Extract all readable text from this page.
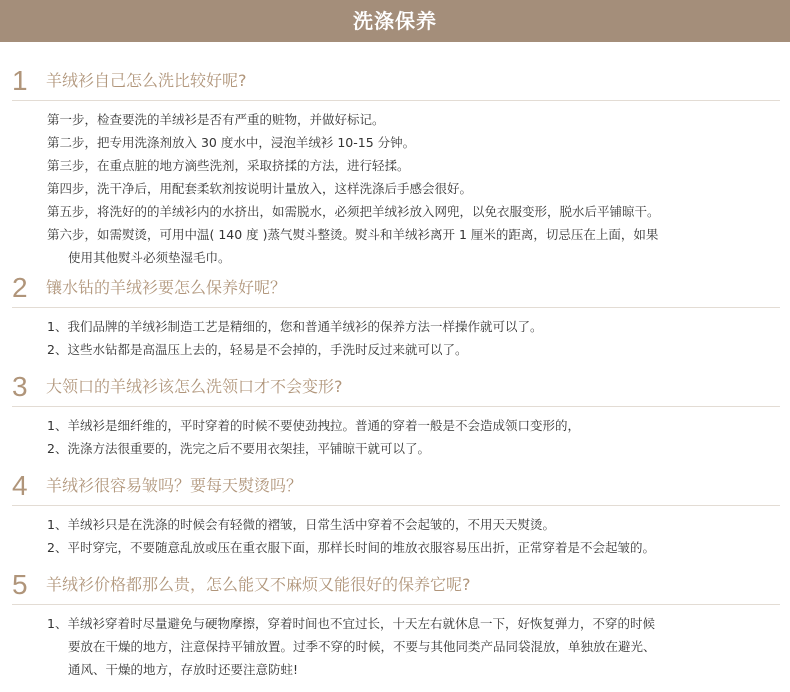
洗涤保养
1 羊绒衫自己怎么洗比较好呢?
第一步，检查要洗的羊绒衫是否有严重的赃物，并做好标记。
第二步，把专用洗涤剂放入 30 度水中，浸泡羊绒衫 10-15 分钟。
第三步，在重点脏的地方滴些洗剂，采取挤揉的方法，进行轻揉。
第四步，洗干净后，用配套柔软剂按说明计量放入，这样洗涤后手感会很好。
第五步，将洗好的的羊绒衫内的水挤出，如需脱水，必须把羊绒衫放入网兜，以免衣服变形，脱水后平铺晾干。
第六步，如需熨烫，可用中温( 140 度 )蒸气熨斗整烫。熨斗和羊绒衫离开 1 厘米的距离，切忌压在上面，如果
使用其他熨斗必须垫湿毛巾。
2 镶水钻的羊绒衫要怎么保养好呢？
1、我们品牌的羊绒衫制造工艺是精细的，您和普通羊绒衫的保养方法一样操作就可以了。
2、这些水钻都是高温压上去的，轻易是不会掉的，手洗时反过来就可以了。
3 大领口的羊绒衫该怎么洗领口才不会变形?
1、羊绒衫是细纤维的，平时穿着的时候不要使劲拽拉。普通的穿着一般是不会造成领口变形的，
2、洗涤方法很重要的，洗完之后不要用衣架挂，平铺晾干就可以了。
4 羊绒衫很容易皱吗？要每天熨烫吗？
1、羊绒衫只是在洗涤的时候会有轻微的褶皱，日常生活中穿着不会起皱的，不用天天熨烫。
2、平时穿完，不要随意乱放或压在重衣服下面，那样长时间的堆放衣服容易压出折，正常穿着是不会起皱的。
5 羊绒衫价格都那么贵，怎么能又不麻烦又能很好的保养它呢?
1、羊绒衫穿着时尽量避免与硬物摩擦，穿着时间也不宜过长，十天左右就休息一下，好恢复弹力，不穿的时候
要放在干燥的地方，注意保持平铺放置。过季不穿的时候，不要与其他同类产品同袋混放，单独放在避光、
通风、干燥的地方，存放时还要注意防蛀!
